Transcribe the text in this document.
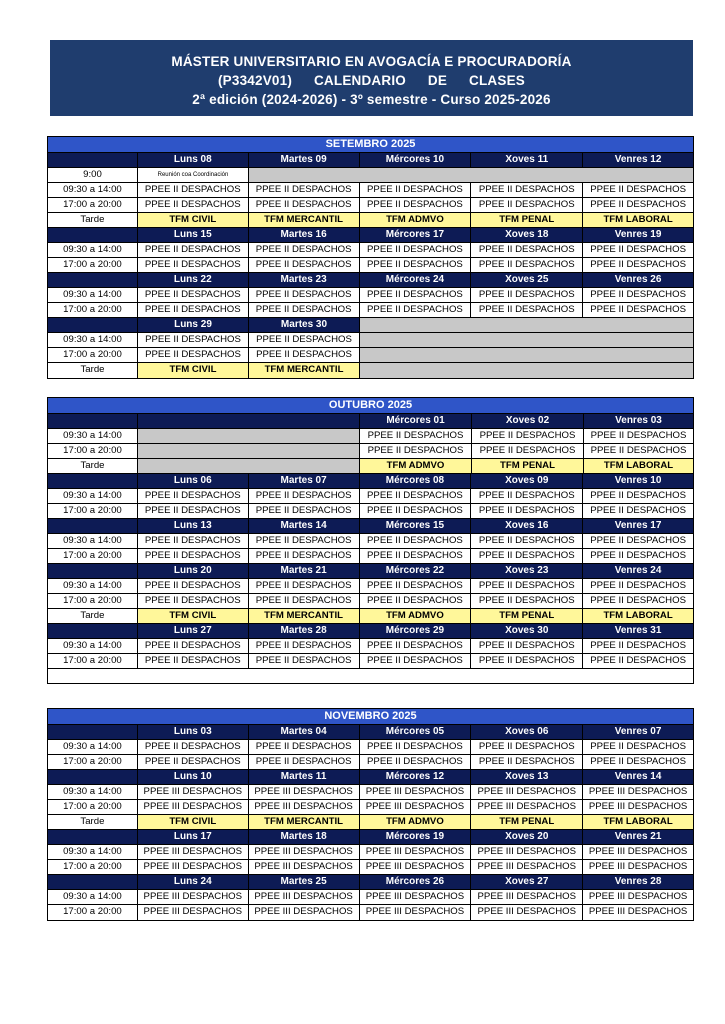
MÁSTER UNIVERSITARIO EN AVOGACÍA E PROCURADORÍA
(P3342V01) CALENDARIO DE CLASES
2ª edición (2024-2026) - 3º semestre - Curso 2025-2026
SETEMBRO 2025
Luns 08	Martes 09	Mércores 10	Xoves 11	Venres 12
9:00	Reunión coa Coordinación
09:30 a 14:00	PPEE II DESPACHOS	PPEE II DESPACHOS	PPEE II DESPACHOS	PPEE II DESPACHOS	PPEE II DESPACHOS
17:00 a 20:00	PPEE II DESPACHOS	PPEE II DESPACHOS	PPEE II DESPACHOS	PPEE II DESPACHOS	PPEE II DESPACHOS
Tarde	TFM CIVIL	TFM MERCANTIL	TFM ADMVO	TFM PENAL	TFM LABORAL
Luns 15	Martes 16	Mércores 17	Xoves 18	Venres 19
09:30 a 14:00	PPEE II DESPACHOS	PPEE II DESPACHOS	PPEE II DESPACHOS	PPEE II DESPACHOS	PPEE II DESPACHOS
17:00 a 20:00	PPEE II DESPACHOS	PPEE II DESPACHOS	PPEE II DESPACHOS	PPEE II DESPACHOS	PPEE II DESPACHOS
Luns 22	Martes 23	Mércores 24	Xoves 25	Venres 26
09:30 a 14:00	PPEE II DESPACHOS	PPEE II DESPACHOS	PPEE II DESPACHOS	PPEE II DESPACHOS	PPEE II DESPACHOS
17:00 a 20:00	PPEE II DESPACHOS	PPEE II DESPACHOS	PPEE II DESPACHOS	PPEE II DESPACHOS	PPEE II DESPACHOS
Luns 29	Martes 30
09:30 a 14:00	PPEE II DESPACHOS	PPEE II DESPACHOS
17:00 a 20:00	PPEE II DESPACHOS	PPEE II DESPACHOS
Tarde	TFM CIVIL	TFM MERCANTIL
OUTUBRO 2025
Mércores 01	Xoves 02	Venres 03
09:30 a 14:00	PPEE II DESPACHOS	PPEE II DESPACHOS	PPEE II DESPACHOS
17:00 a 20:00	PPEE II DESPACHOS	PPEE II DESPACHOS	PPEE II DESPACHOS
Tarde	TFM ADMVO	TFM PENAL	TFM LABORAL
Luns 06	Martes 07	Mércores 08	Xoves 09	Venres 10
09:30 a 14:00	PPEE II DESPACHOS	PPEE II DESPACHOS	PPEE II DESPACHOS	PPEE II DESPACHOS	PPEE II DESPACHOS
17:00 a 20:00	PPEE II DESPACHOS	PPEE II DESPACHOS	PPEE II DESPACHOS	PPEE II DESPACHOS	PPEE II DESPACHOS
Luns 13	Martes 14	Mércores 15	Xoves 16	Venres 17
09:30 a 14:00	PPEE II DESPACHOS	PPEE II DESPACHOS	PPEE II DESPACHOS	PPEE II DESPACHOS	PPEE II DESPACHOS
17:00 a 20:00	PPEE II DESPACHOS	PPEE II DESPACHOS	PPEE II DESPACHOS	PPEE II DESPACHOS	PPEE II DESPACHOS
Luns 20	Martes 21	Mércores 22	Xoves 23	Venres 24
09:30 a 14:00	PPEE II DESPACHOS	PPEE II DESPACHOS	PPEE II DESPACHOS	PPEE II DESPACHOS	PPEE II DESPACHOS
17:00 a 20:00	PPEE II DESPACHOS	PPEE II DESPACHOS	PPEE II DESPACHOS	PPEE II DESPACHOS	PPEE II DESPACHOS
Tarde	TFM CIVIL	TFM MERCANTIL	TFM ADMVO	TFM PENAL	TFM LABORAL
Luns 27	Martes 28	Mércores 29	Xoves 30	Venres 31
09:30 a 14:00	PPEE II DESPACHOS	PPEE II DESPACHOS	PPEE II DESPACHOS	PPEE II DESPACHOS	PPEE II DESPACHOS
17:00 a 20:00	PPEE II DESPACHOS	PPEE II DESPACHOS	PPEE II DESPACHOS	PPEE II DESPACHOS	PPEE II DESPACHOS
NOVEMBRO 2025
Luns 03	Martes 04	Mércores 05	Xoves 06	Venres 07
09:30 a 14:00	PPEE II DESPACHOS	PPEE II DESPACHOS	PPEE II DESPACHOS	PPEE II DESPACHOS	PPEE II DESPACHOS
17:00 a 20:00	PPEE II DESPACHOS	PPEE II DESPACHOS	PPEE II DESPACHOS	PPEE II DESPACHOS	PPEE II DESPACHOS
Luns 10	Martes 11	Mércores 12	Xoves 13	Venres 14
09:30 a 14:00	PPEE III DESPACHOS	PPEE III DESPACHOS	PPEE III DESPACHOS	PPEE III DESPACHOS	PPEE III DESPACHOS
17:00 a 20:00	PPEE III DESPACHOS	PPEE III DESPACHOS	PPEE III DESPACHOS	PPEE III DESPACHOS	PPEE III DESPACHOS
Tarde	TFM CIVIL	TFM MERCANTIL	TFM ADMVO	TFM PENAL	TFM LABORAL
Luns 17	Martes 18	Mércores 19	Xoves 20	Venres 21
09:30 a 14:00	PPEE III DESPACHOS	PPEE III DESPACHOS	PPEE III DESPACHOS	PPEE III DESPACHOS	PPEE III DESPACHOS
17:00 a 20:00	PPEE III DESPACHOS	PPEE III DESPACHOS	PPEE III DESPACHOS	PPEE III DESPACHOS	PPEE III DESPACHOS
Luns 24	Martes 25	Mércores 26	Xoves 27	Venres 28
09:30 a 14:00	PPEE III DESPACHOS	PPEE III DESPACHOS	PPEE III DESPACHOS	PPEE III DESPACHOS	PPEE III DESPACHOS
17:00 a 20:00	PPEE III DESPACHOS	PPEE III DESPACHOS	PPEE III DESPACHOS	PPEE III DESPACHOS	PPEE III DESPACHOS
